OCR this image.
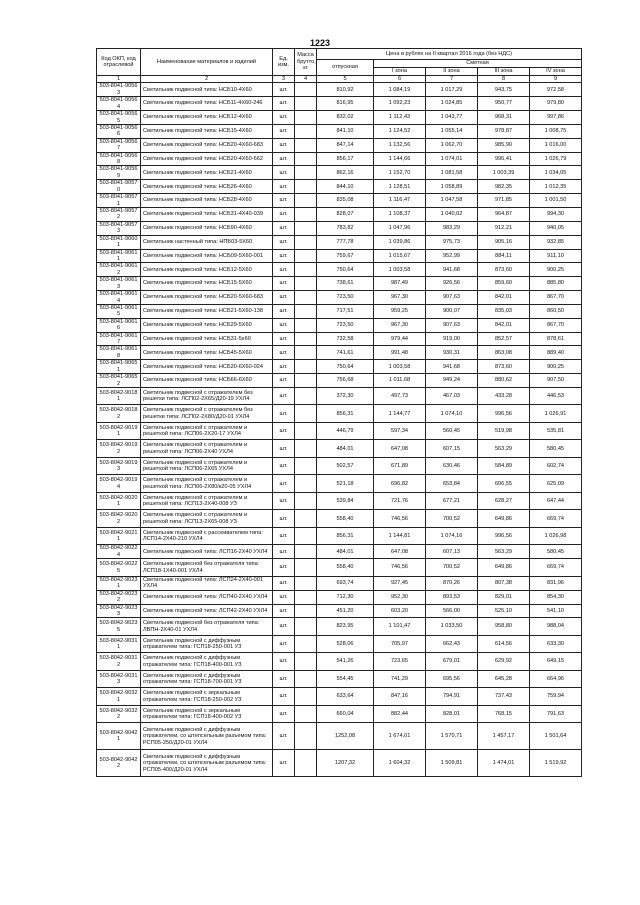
1223
Код ОКП, код отраслевой	Наименование материалов и изделий	Ед. изм.	Масса брутто, кг	Цена в рублях на II квартал 2016 года (без НДС)				
				отпускная	Сметная			
					I зона	II зона	III зона	IV зона
1	2	3	4	5	6	7	8	9
503-8041-90563	Светильник подвесной типа: НСБ10-4Х60	шт.		810,92	1 084,19	1 017,29	943,75	972,58
503-8041-90564	Светильник подвесной типа: НСБ11-4Х60-246	шт.		816,95	1 092,23	1 024,85	950,77	979,80
503-8041-90565	Светильник подвесной типа: НСБ12-4Х60	шт.		832,02	1 112,43	1 043,77	968,31	997,86
503-8041-90566	Светильник подвесной типа: НСБ15-4Х60	шт.		841,10	1 124,52	1 055,14	978,87	1 008,75
503-8041-90567	Светильник подвесной типа: НСБ20-4Х60-683	шт.		847,14	1 132,56	1 062,70	985,90	1 016,00
503-8041-90568	Светильник подвесной типа: НСБ20-4Х60-662	шт.		856,17	1 144,66	1 074,01	996,41	1 026,79
503-8041-90569	Светильник подвесной типа: НСБ21-4Х60	шт.		862,16	1 152,70	1 081,58	1 003,39	1 034,05
503-8041-90570	Светильник подвесной типа: НСБ26-4Х60	шт.		844,10	1 128,51	1 058,89	982,35	1 012,35
503-8041-90571	Светильник подвесной типа: НСБ28-4Х60	шт.		835,08	1 116,47	1 047,58	971,85	1 001,50
503-8041-90572	Светильник подвесной типа: НСБ31-4Х40-039	шт.		828,07	1 108,37	1 040,02	964,87	994,30
503-8041-90573	Светильник подвесной типа: НСБ90-4Х60	шт.		783,82	1 047,96	983,29	912,21	940,05
503-8041-90601	Светильник настенный типа: НПБ03-5Х60	шт.		777,78	1 039,86	975,73	905,16	932,85
503-8041-90611	Светильник подвесной типа: НСБ09-5Х60-001	шт.		759,67	1 015,67	952,99	884,11	911,10
503-8041-90612	Светильник подвесной типа: НСБ12-5Х60	шт.		750,64	1 003,58	941,68	873,60	900,25
503-8041-90613	Светильник подвесной типа: НСБ15-5Х60	шт.		738,61	987,49	926,56	859,60	885,80
503-8041-90614	Светильник подвесной типа: НСБ20-5Х60-683	шт.		723,50	967,30	907,63	842,01	867,70
503-8041-90615	Светильник подвесной типа: НСБ21-5Х60-138	шт.		717,51	959,25	900,07	835,03	860,50
503-8041-90616	Светильник подвесной типа: НСБ29-5Х60	шт.		723,50	967,30	907,63	842,01	867,70
503-8041-90617	Светильник подвесной типа: НСБ31-5х60	шт.		732,58	979,44	919,00	852,57	878,61
503-8041-90618	Светильник подвесной типа: НСБ45-5Х60	шт.		741,61	991,48	930,31	863,08	889,40
503-8041-90651	Светильник подвесной типа: НСБ20-6Х60-024	шт.		750,64	1 003,58	941,68	873,60	900,25
503-8041-90652	Светильник подвесной типа: НСБ66-6Х60	шт.		756,68	1 011,68	949,24	880,62	907,50
503-8042-90181	Светильник подвесной с отражателем без решетки типа: ЛСП02-2Х65/Д20-19 УХЛ4	шт.		372,30	497,73	467,03	433,28	446,53
503-8042-90182	Светильник подвесной с отражателем без решетки типа: ЛСП02-2Х80/Д20-01 УХЛ4	шт.		856,31	1 144,77	1 074,10	996,56	1 026,91
503-8042-90191	Светильник подвесной с отражателем и решеткой типа: ЛСП06-2Х20-17 УХЛ4	шт.		446,79	597,34	560,45	519,98	535,81
503-8042-90192	Светильник подвесной с отражателем и решеткой типа: ЛСП06-2Х40 УХЛ4	шт.		484,01	647,08	607,15	563,29	580,45
503-8042-90193	Светильник подвесной с отражателем и решеткой типа: ЛСП06-2Х65 УХЛ4	шт.		502,57	671,89	630,46	584,89	602,74
503-8042-90194	Светильник подвесной с отражателем и решеткой типа: ЛСП06-2Х80/к20-05 УХЛ4	шт.		521,18	696,82	653,84	606,55	625,09
503-8042-90201	Светильник подвесной с отражателем и решеткой типа: ЛСП13-2Х40-008 УЗ	шт.		539,84	721,76	677,21	628,27	647,44
503-8042-90202	Светильник подвесной с отражателем и решеткой типа: ЛСП13-2Х65-008 УЗ	шт.		558,40	746,56	700,52	649,86	669,74
503-8042-90211	Светильник подвесной с рассеивателем типа: ЛСП14-2Х40-210 УХЛ4	шт.		856,31	1 144,81	1 074,16	996,56	1 026,98
503-8042-90224	Светильник подвесной типа: ЛСП16-2Х40 УХЛ4	шт.		484,01	647,08	607,13	563,29	580,45
503-8042-90225	Светильник подвесной без отражателя типа: ЛСП18-1Х40-001 УХЛ4	шт.		558,40	746,56	700,52	649,86	669,74
503-8042-90231	Светильник подвесной типа: ЛСП24-2Х40-001 УХЛ4	шт.		693,74	927,45	870,26	807,38	831,96
503-8042-90232	Светильник подвесной типа: ЛСП40-2Х40 УХЛ4	шт.		712,30	952,30	893,53	829,01	854,30
503-8042-90233	Светильник подвесной типа: ЛСП42-2Х40 УХЛ4	шт.		451,20	603,20	566,00	525,10	541,10
503-8042-90235	Светильник подвесной без отражателя типа: ЛВПН-2Х40-01 УХЛ4	шт.		823,95	1 101,47	1 033,50	958,80	988,04
503-8042-90311	Светильник подвесной с диффузным отражателем типа: ГСП18-250-001 УЗ	шт.		528,06	705,97	662,43	614,56	633,30
503-8042-90312	Светильник подвесной с диффузным отражателем типа: ГСП18-400-001 УЗ	шт.		541,26	723,65	679,01	629,92	649,15
503-8042-90313	Светильник подвесной с диффузным отражателем типа: ГСП18-700-001 УЗ	шт.		554,45	741,29	695,56	645,28	664,96
503-8042-90321	Светильник подвесной с зеркальным отражателем типа: ГСП18-250-002 УЗ	шт.		633,64	847,16	794,91	737,43	759,94
503-8042-90322	Светильник подвесной с зеркальным отражателем типа: ГСП18-400-002 УЗ	шт.		660,04	882,44	828,01	768,15	791,63
503-8042-90421	Светильник подвесной с диффузным отражателем, со штепсельным разъемом типа: РСП05-250/Д20-01 УХЛ4	шт.		1252,08	1 674,01	1 570,71	1 457,17	1 501,64
503-8042-90422	Светильник подвесной с диффузным отражателем, со штепсельным разъемом типа: РСП05-400/Д20-01 УХЛ4	шт.		1207,32	1 604,32	1 509,81	1 474,01	1 519,92
